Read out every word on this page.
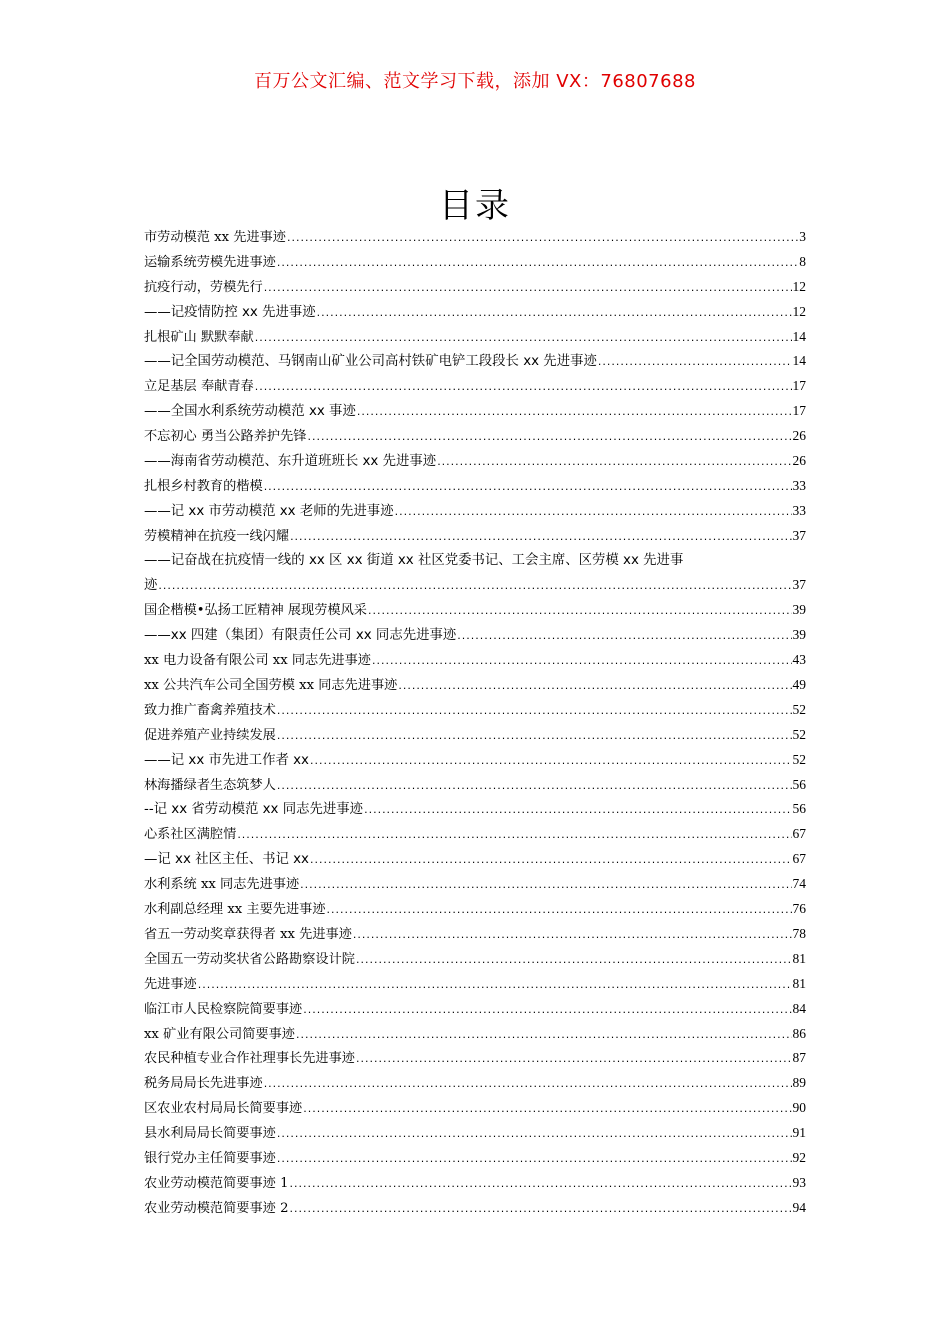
百万公文汇编、范文学习下载，添加 VX：76807688
目录
市劳动模范 xx 先进事迹 .....	3
运输系统劳模先进事迹 .....	8
抗疫行动，劳模先行 .....	12
——记疫情防控 xx 先进事迹 .....	12
扎根矿山 默默奉献 .....	14
——记全国劳动模范、马钢南山矿业公司高村铁矿电铲工段段长 xx 先进事迹 .....	14
立足基层 奉献青春 .....	17
——全国水利系统劳动模范 xx 事迹 .....	17
不忘初心 勇当公路养护先锋 .....	26
——海南省劳动模范、东升道班班长 xx 先进事迹 .....	26
扎根乡村教育的楷模 .....	33
——记 xx 市劳动模范 xx 老师的先进事迹 .....	33
劳模精神在抗疫一线闪耀 .....	37
——记奋战在抗疫情一线的 xx 区 xx 街道 xx 社区党委书记、工会主席、区劳模 xx 先进事
迹 .....	37
国企楷模•弘扬工匠精神 展现劳模风采 .....	39
——xx 四建（集团）有限责任公司 xx 同志先进事迹 .....	39
xx 电力设备有限公司 xx 同志先进事迹 .....	43
xx 公共汽车公司全国劳模 xx 同志先进事迹 .....	49
致力推广畜禽养殖技术 .....	52
促进养殖产业持续发展 .....	52
——记 xx 市先进工作者 xx .....	52
林海播绿者生态筑梦人 .....	56
--记 xx 省劳动模范 xx 同志先进事迹 .....	56
心系社区满腔情 .....	67
—记 xx 社区主任、书记 xx .....	67
水利系统 xx 同志先进事迹 .....	74
水利副总经理 xx 主要先进事迹 .....	76
省五一劳动奖章获得者 xx 先进事迹 .....	78
全国五一劳动奖状省公路勘察设计院 .....	81
先进事迹 .....	81
临江市人民检察院简要事迹 .....	84
xx 矿业有限公司简要事迹 .....	86
农民种植专业合作社理事长先进事迹 .....	87
税务局局长先进事迹 .....	89
区农业农村局局长简要事迹 .....	90
县水利局局长简要事迹 .....	91
银行党办主任简要事迹 .....	92
农业劳动模范简要事迹 1 .....	93
农业劳动模范简要事迹 2 .....	94
